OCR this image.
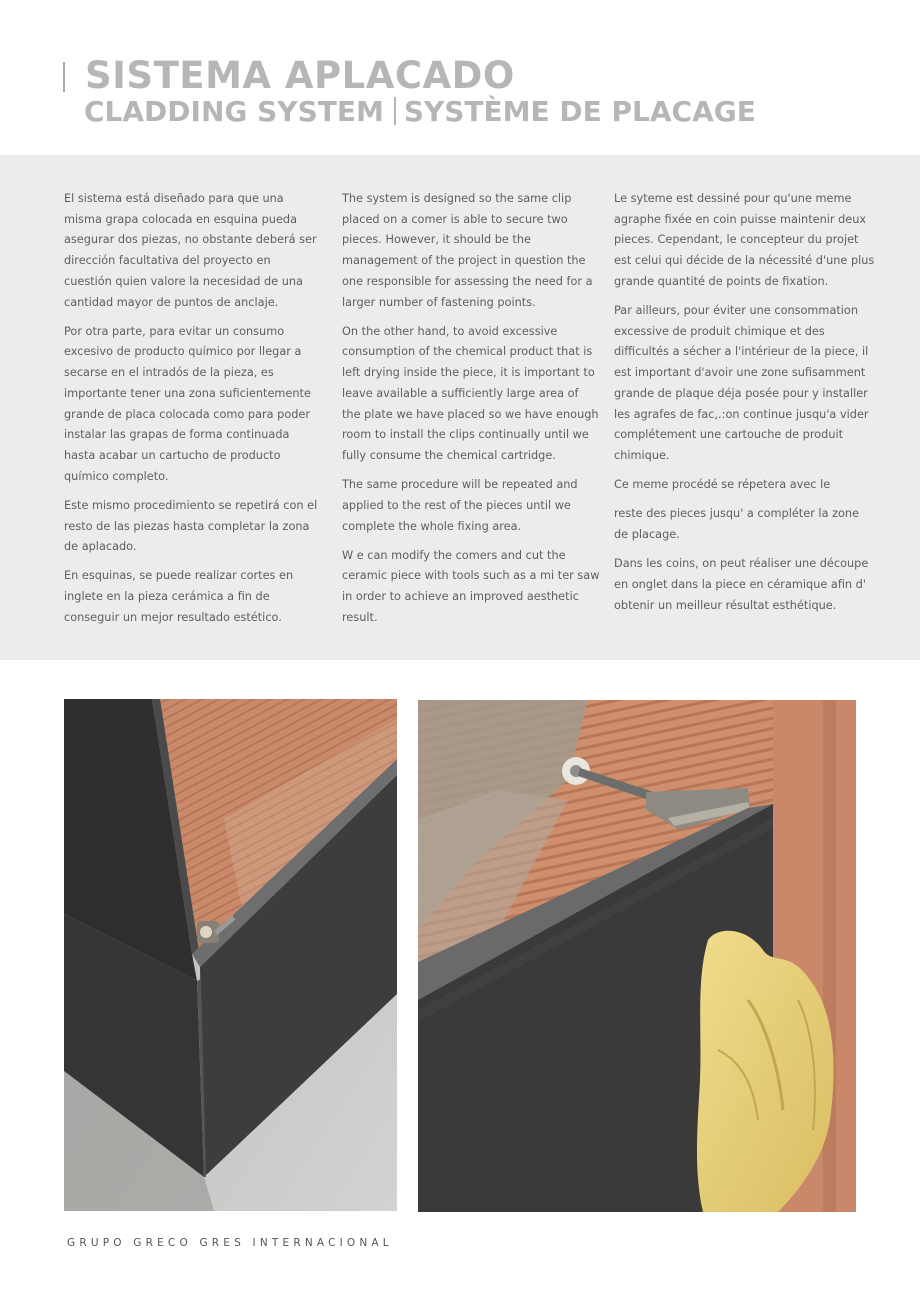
SISTEMA APLACADO
CLADDING SYSTEM SYSTÈME DE PLACAGE

El sistema está diseñado para que una misma grapa colocada en esquina pueda asegurar dos piezas, no obstante deberá ser dirección facultativa del proyecto en cuestión quien valore la necesidad de una cantidad mayor de puntos de anclaje.

Por otra parte, para evitar un consumo excesivo de producto químico por llegar a secarse en el intradós de la pieza, es importante tener una zona suficientemente grande de placa colocada como para poder instalar las grapas de forma continuada hasta acabar un cartucho de producto químico completo.

Este mismo procedimiento se repetirá con el resto de las piezas hasta completar la zona de aplacado.

En esquinas, se puede realizar cortes en inglete en la pieza cerámica a fin de conseguir un mejor resultado estético.

The system is designed so the same clip placed on a comer is able to secure two pieces. However, it should be the management of the project in question the one responsible for assessing the need for a larger number of fastening points.

On the other hand, to avoid excessive consumption of the chemical product that is left drying inside the piece, it is important to leave available a sufficiently large area of the plate we have placed so we have enough room to install the clips continually until we fully consume the chemical cartridge.

The same procedure will be repeated and applied to the rest of the pieces until we complete the whole fixing area.

W e can modify the comers and cut the ceramic piece with tools such as a mi ter saw in order to achieve an improved aesthetic result.

Le syteme est dessiné pour qu'une meme agraphe fixée en coin puisse maintenir deux pieces. Cependant, le concepteur du projet est celui qui décide de la nécessité d'une plus grande quantité de points de fixation.

Par ailleurs, pour éviter une consommation excessive de produit chimique et des difficultés a sécher a l'intérieur de la piece, il est important d'avoir une zone sufisamment grande de plaque déja posée pour y installer les agrafes de fac,.:on continue jusqu'a vider complétement une cartouche de produit chimique.

Ce meme procédé se répetera avec le

reste des pieces jusqu' a compléter la zone de placage.

Dans les coins, on peut réaliser une découpe en onglet dans la piece en céramique afin d' obtenir un meilleur résultat esthétique.

GRUPO GRECO GRES INTERNACIONAL
